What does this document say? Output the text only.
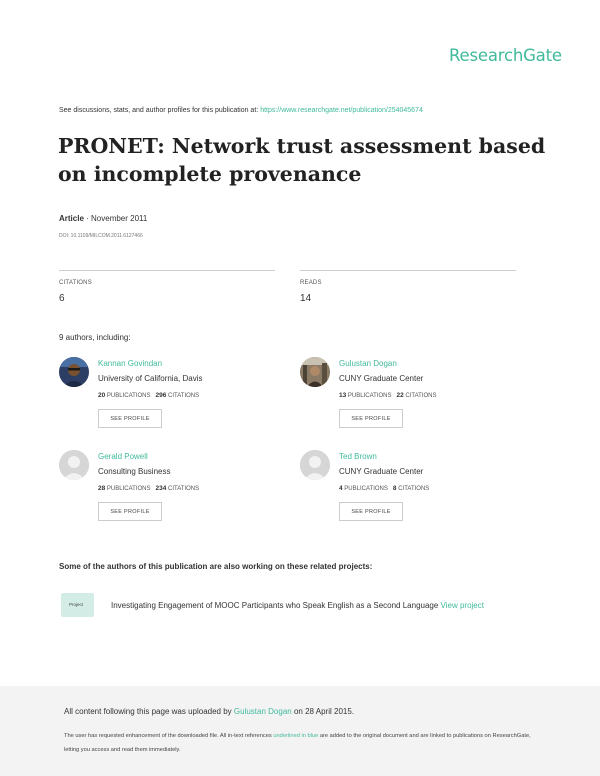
ResearchGate
See discussions, stats, and author profiles for this publication at: https://www.researchgate.net/publication/254045674
PRONET: Network trust assessment based on incomplete provenance
Article · November 2011
DOI: 10.1109/MILCOM.2011.6127466
CITATIONS
6
READS
14
9 authors, including:
Kannan Govindan
University of California, Davis
20 PUBLICATIONS 296 CITATIONS
SEE PROFILE
Gulustan Dogan
CUNY Graduate Center
13 PUBLICATIONS 22 CITATIONS
SEE PROFILE
Gerald Powell
Consulting Business
28 PUBLICATIONS 234 CITATIONS
SEE PROFILE
Ted Brown
CUNY Graduate Center
4 PUBLICATIONS 8 CITATIONS
SEE PROFILE
Some of the authors of this publication are also working on these related projects:
Project	Investigating Engagement of MOOC Participants who Speak English as a Second Language View project
All content following this page was uploaded by Gulustan Dogan on 28 April 2015.
The user has requested enhancement of the downloaded file. All in-text references underlined in blue are added to the original document and are linked to publications on ResearchGate, letting you access and read them immediately.
